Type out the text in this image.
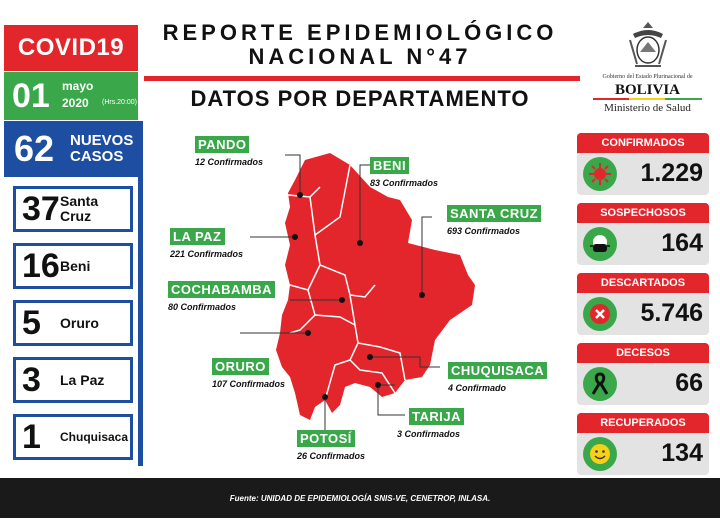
COVID19
01 mayo
2020 (Hrs.20:00)
62 NUEVOS
CASOS
37 Santa
Cruz
16 Beni
5	Oruro
3	La Paz
1	Chuquisaca
REPORTE EPIDEMIOLÓGICO
NACIONAL N°47
DATOS POR DEPARTAMENTO
Gobierno del Estado Plurinacional de
BOLIVIA
Ministerio de Salud
PANDO
12 Confirmados	BENI
83 Confirmados
LA PAZ
221 Confirmados
SANTA CRUZ
693 Confirmados
COCHABAMBA
80 Confirmados
ORURO
107 Confirmados
CHUQUISACA
4 Confirmado
TARIJA
3 Confirmados
POTOSÍ
26 Confirmados
CONFIRMADOS
1.229
SOSPECHOSOS
164
DESCARTADOS
5.746
DECESOS
66
RECUPERADOS
134
Fuente: UNIDAD DE EPIDEMIOLOGÍA SNIS-VE, CENETROP, INLASA.
